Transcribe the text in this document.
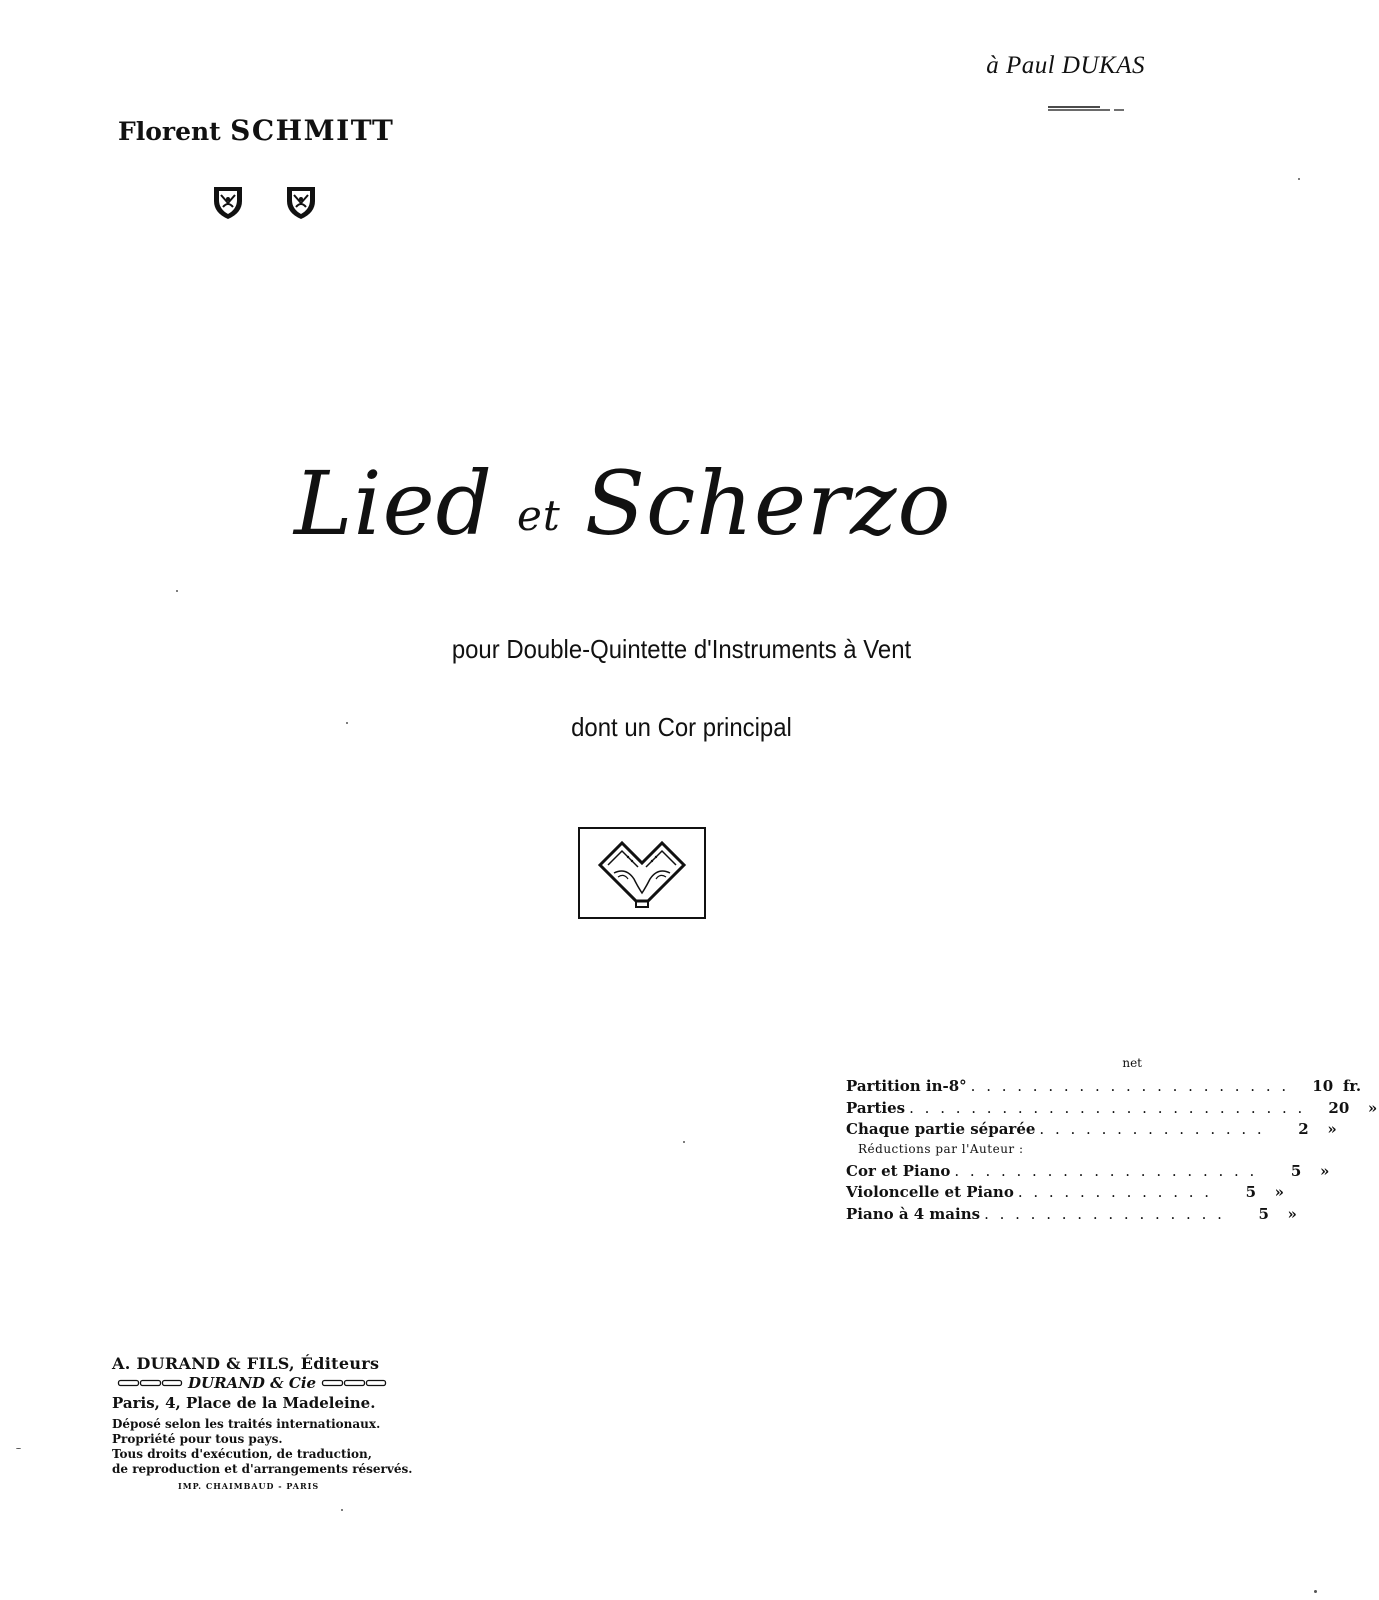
à Paul DUKAS
Florent SCHMITT
Lied et Scherzo
pour Double-Quintette d'Instruments à Vent
dont un Cor principal
net
Partition in-8° . . . . . . . . . . . . . . . . . . . . .	10 fr.
Parties . . . . . . . . . . . . . . . . . . . . . . . . . .	20	»
Chaque partie séparée . . . . . . . . . . . . . . .	2	»
Réductions par l'Auteur :
Cor et Piano . . . . . . . . . . . . . . . . . . . .	5	»
Violoncelle et Piano . . . . . . . . . . . . .	5	»
Piano à 4 mains . . . . . . . . . . . . . . . .	5	»
A. DURAND & FILS, Éditeurs
DURAND & Cie
Paris, 4, Place de la Madeleine.
Déposé selon les traités internationaux.
Propriété pour tous pays.
Tous droits d'exécution, de traduction,
de reproduction et d'arrangements réservés.
IMP. CHAIMBAUD - PARIS
